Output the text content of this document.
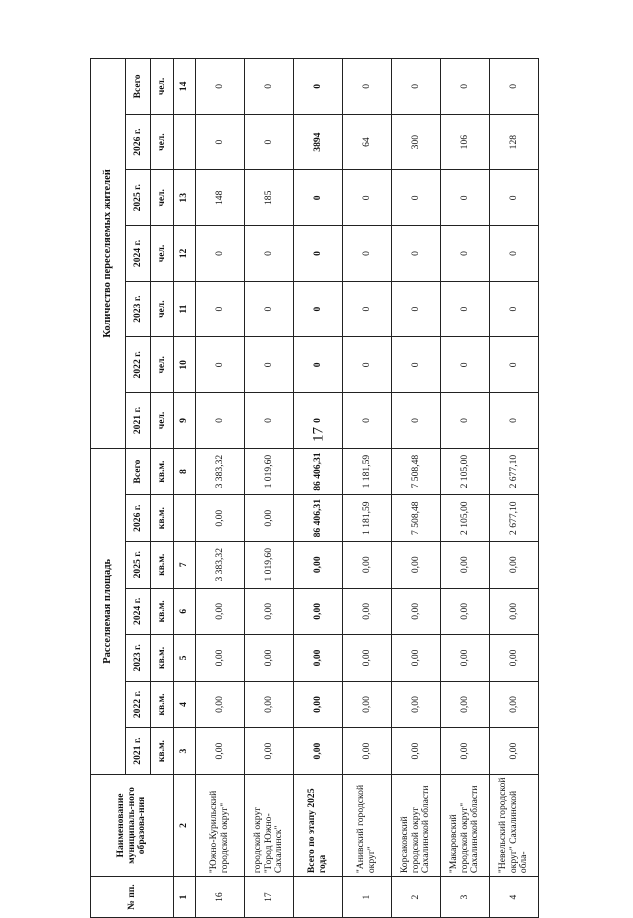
17
№ пп.	Наименование муниципаль-ного образова-ния	Расселяемая площадь							Количество переселяемых жителей						
		2021 г.	2022 г.	2023 г.	2024 г.	2025 г.	2026 г.	Всего	2021 г.	2022 г.	2023 г.	2024 г.	2025 г.	2026 г.	Всего
		кв.м.	кв.м.	кв.м.	кв.м.	кв.м.	кв.м.	кв.м.	чел.	чел.	чел.	чел.	чел.	чел.	чел.
1	2	3	4	5	6	7		8	9	10	11	12	13		14
16	"Южно-Курильский городской округ"	0,00	0,00	0,00	0,00	3 383,32	0,00	3 383,32	0	0	0	0	148	0	0
17	городской округ "Город Южно-Сахалинск"	0,00	0,00	0,00	0,00	1 019,60	0,00	1 019,60	0	0	0	0	185	0	0
	Всего по этапу 2025 года	0,00	0,00	0,00	0,00	0,00	86 406,31	86 406,31	0	0	0	0	0	3894	0
1	"Анивский городской округ"	0,00	0,00	0,00	0,00	0,00	1 181,59	1 181,59	0	0	0	0	0	64	0
2	Корсаковский городской округ Сахалинской области	0,00	0,00	0,00	0,00	0,00	7 508,48	7 508,48	0	0	0	0	0	300	0
3	"Макаровский городской округ" Сахалинской области	0,00	0,00	0,00	0,00	0,00	2 105,00	2 105,00	0	0	0	0	0	106	0
4	"Невельский городской округ" Сахалинской обла-	0,00	0,00	0,00	0,00	0,00	2 677,10	2 677,10	0	0	0	0	0	128	0
